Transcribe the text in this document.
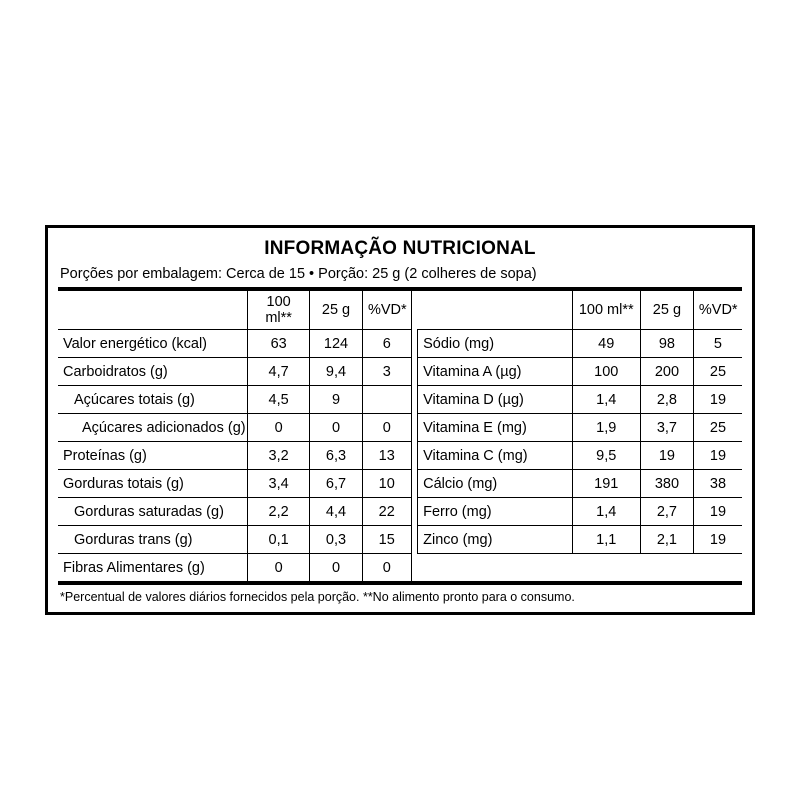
INFORMAÇÃO NUTRICIONAL
Porções por embalagem: Cerca de 15 • Porção: 25 g (2 colheres de sopa)
	100 ml**	25 g	%VD*			100 ml**	25 g	%VD*
Valor energético (kcal)	63	124	6		Sódio (mg)	49	98	5
Carboidratos (g)	4,7	9,4	3		Vitamina A (µg)	100	200	25
Açúcares totais (g)	4,5	9			Vitamina D (µg)	1,4	2,8	19
Açúcares adicionados (g)	0	0	0		Vitamina E (mg)	1,9	3,7	25
Proteínas (g)	3,2	6,3	13		Vitamina C (mg)	9,5	19	19
Gorduras totais (g)	3,4	6,7	10		Cálcio (mg)	191	380	38
Gorduras saturadas (g)	2,2	4,4	22		Ferro (mg)	1,4	2,7	19
Gorduras trans (g)	0,1	0,3	15		Zinco (mg)	1,1	2,1	19
Fibras Alimentares (g)	0	0	0					
*Percentual de valores diários fornecidos pela porção. **No alimento pronto para o consumo.
